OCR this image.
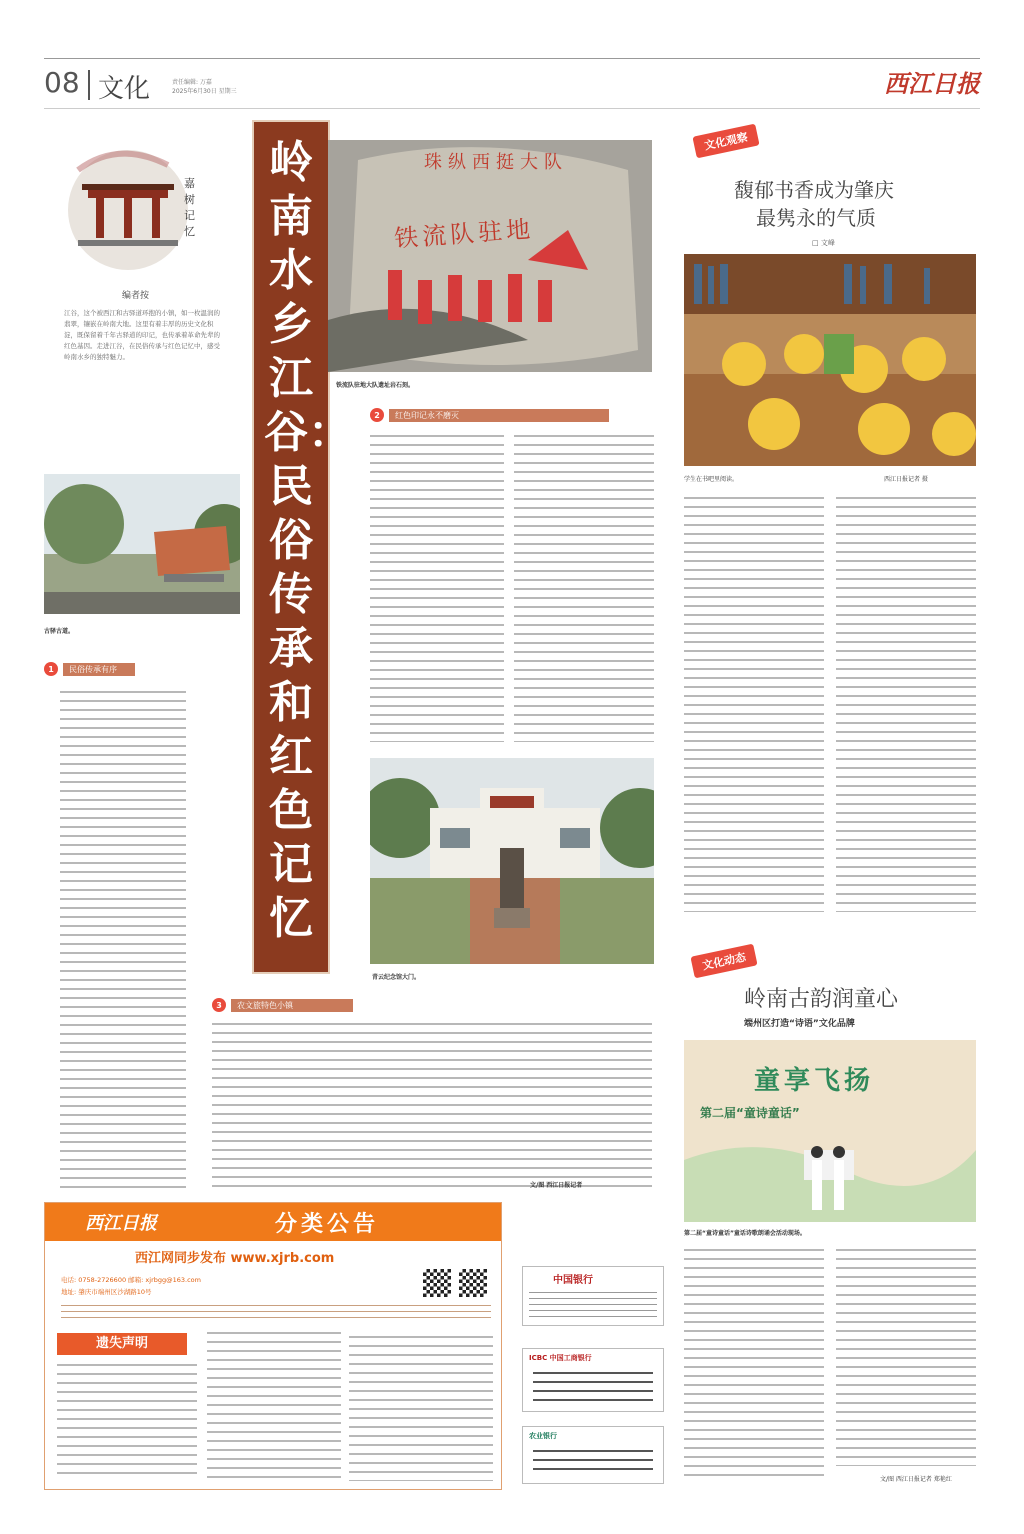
08 文化	责任编辑: 万嘉
2025年6月30日 星期三	西江日报
嘉树记忆
编者按
江谷，这个被西江和古驿道环抱的小镇，如一枚温润的翡翠，镶嵌在岭南大地。这里有着丰厚的历史文化积淀，既保留着千年古驿道的印记，也传承着革命先辈的红色基因。走进江谷，在民俗传承与红色记忆中，感受岭南水乡的独特魅力。
古驿古道。
1	民俗传承有序
岭南水乡江谷：民俗传承和红色记忆
珠纵西挺大队
铁流队驻地
铁流队驻地大队遗址岩石刻。
2	红色印记永不磨灭
青云纪念馆大门。
3	农文旅特色小镇
文/图 西江日报记者
文化观察
馥郁书香成为肇庆
最隽永的气质
□ 文峰
学生在书吧里阅读。	西江日报记者 摄
文化动态
岭南古韵润童心
端州区打造“诗语”文化品牌
童享飞扬
第二届“童诗童话”
第二届“童诗童话”童话诗歌朗诵会活动现场。
文/图 西江日报记者 郑艳红
西江日报	分类公告
西江网同步发布 www.xjrb.com
电话: 0758-2726600 邮箱: xjrbgg@163.com
地址: 肇庆市端州区沙湖路10号
遗失声明
中国银行
ICBC 中国工商银行
农业银行
